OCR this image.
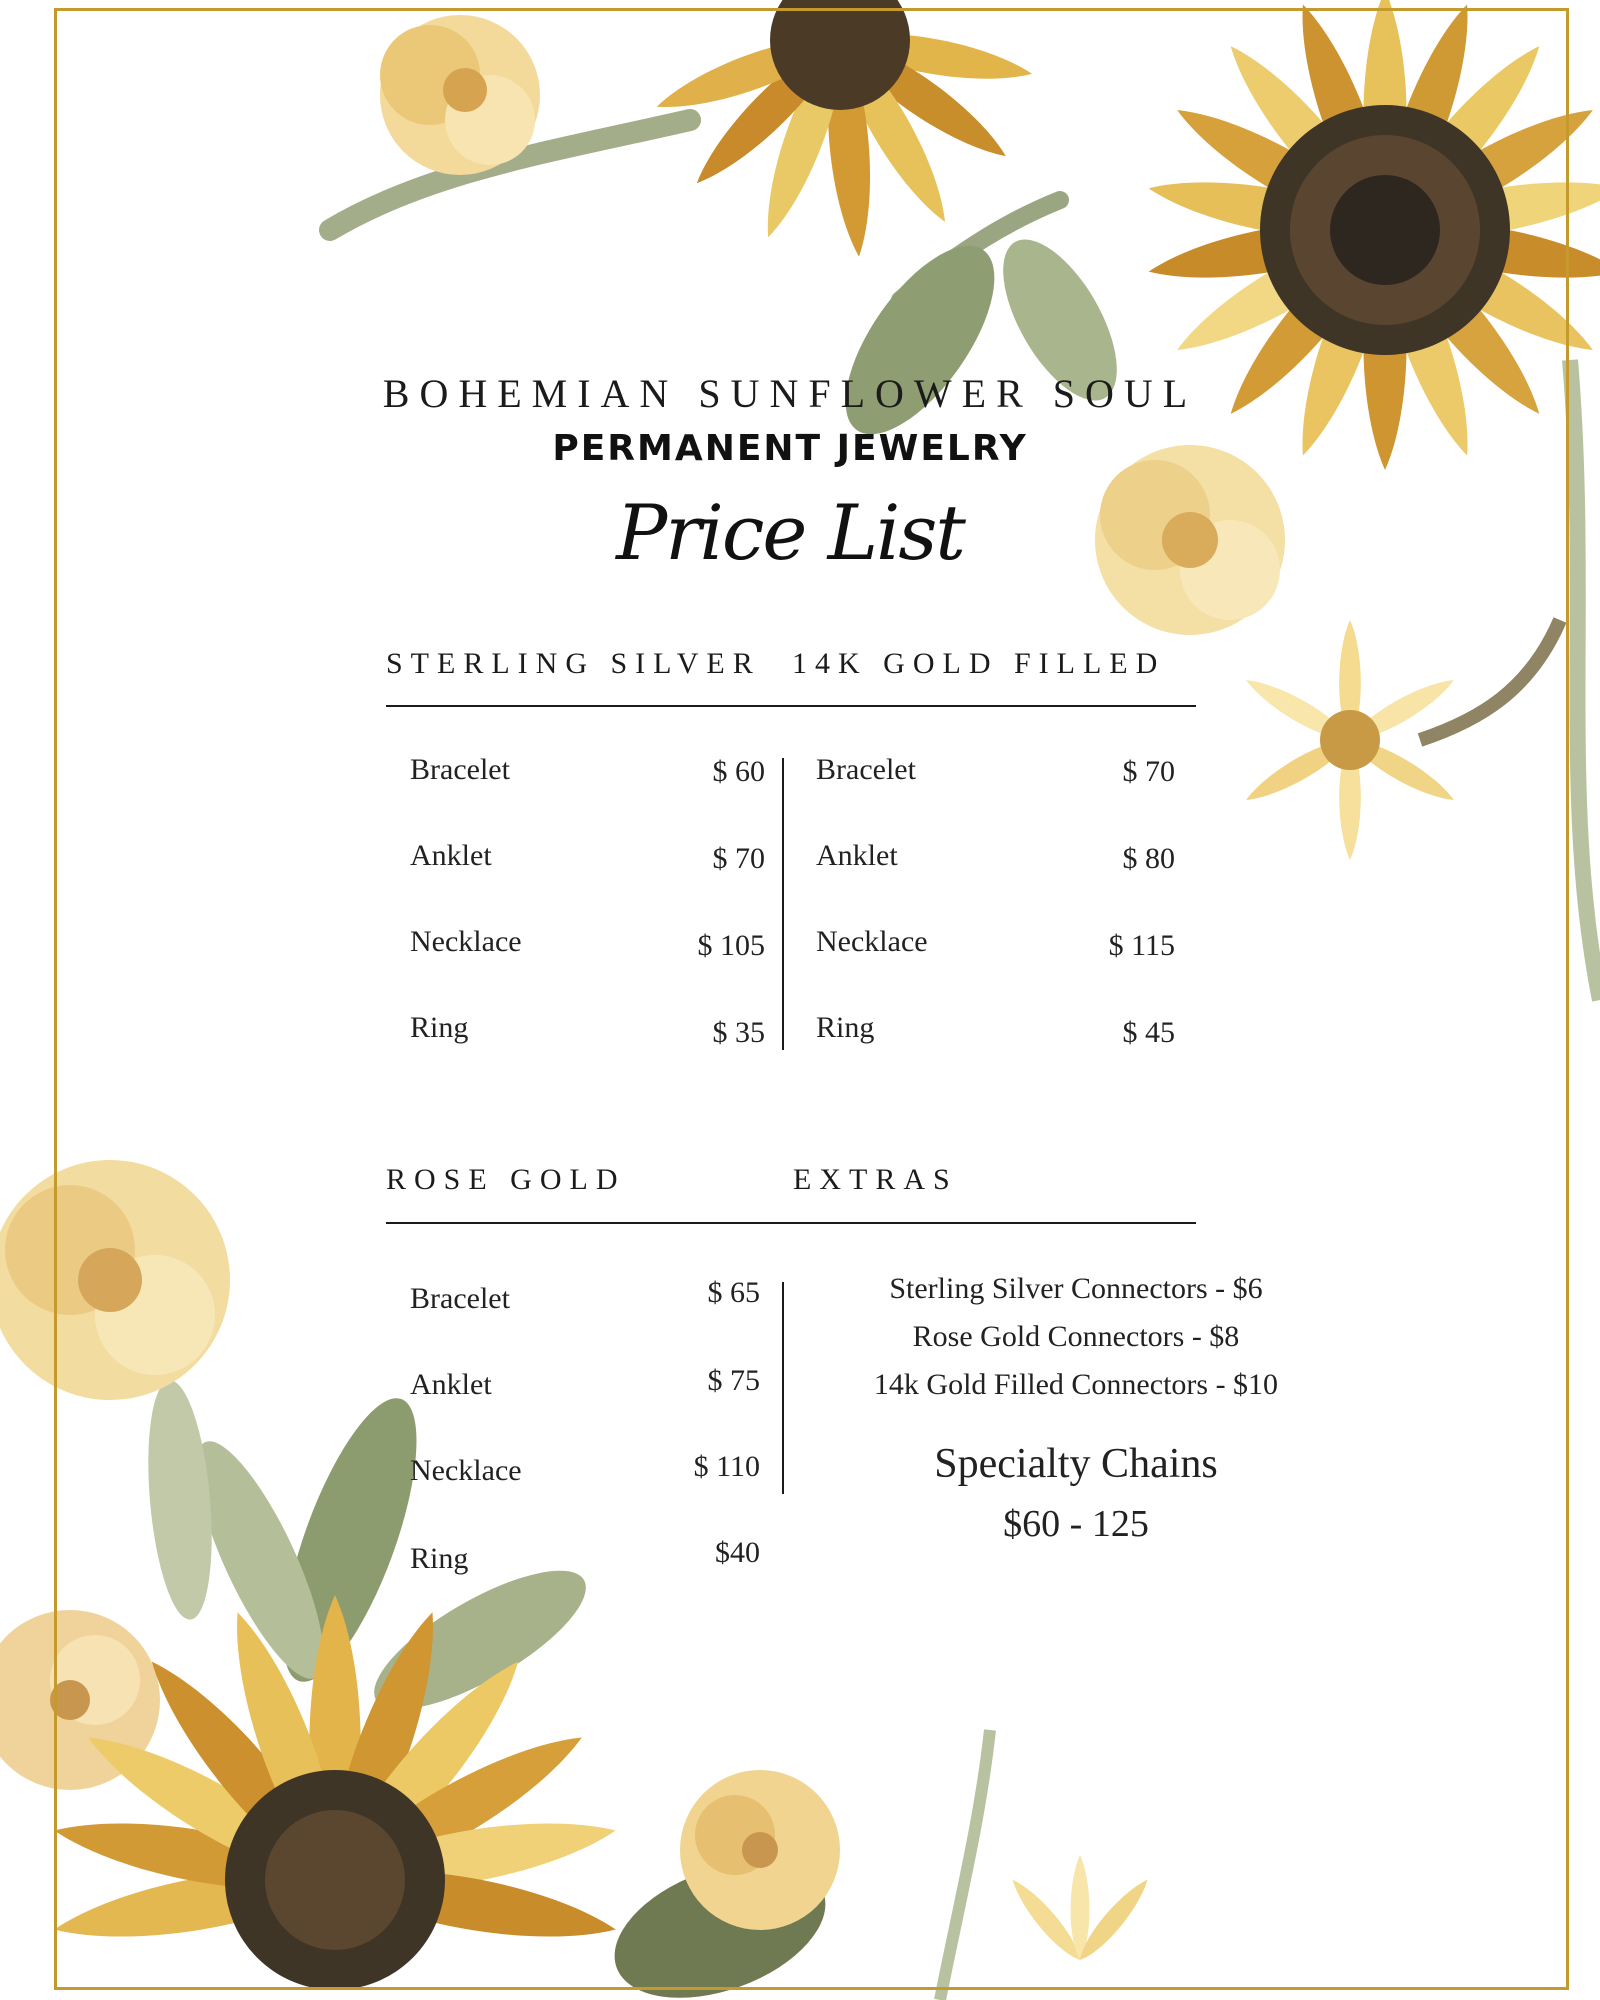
BOHEMIAN SUNFLOWER SOUL
PERMANENT JEWELRY
Price List
STERLING SILVER 14K GOLD FILLED
Bracelet	$ 60
Anklet	$ 70
Necklace	$ 105
Ring	$ 35
Bracelet	$ 70
Anklet	$ 80
Necklace	$ 115
Ring	$ 45
ROSE GOLD	EXTRAS
Bracelet	$ 65
Anklet	$ 75
Necklace	$ 110
Ring	$40
Sterling Silver Connectors - $6
Rose Gold Connectors - $8
14k Gold Filled Connectors - $10
Specialty Chains
$60 - 125
